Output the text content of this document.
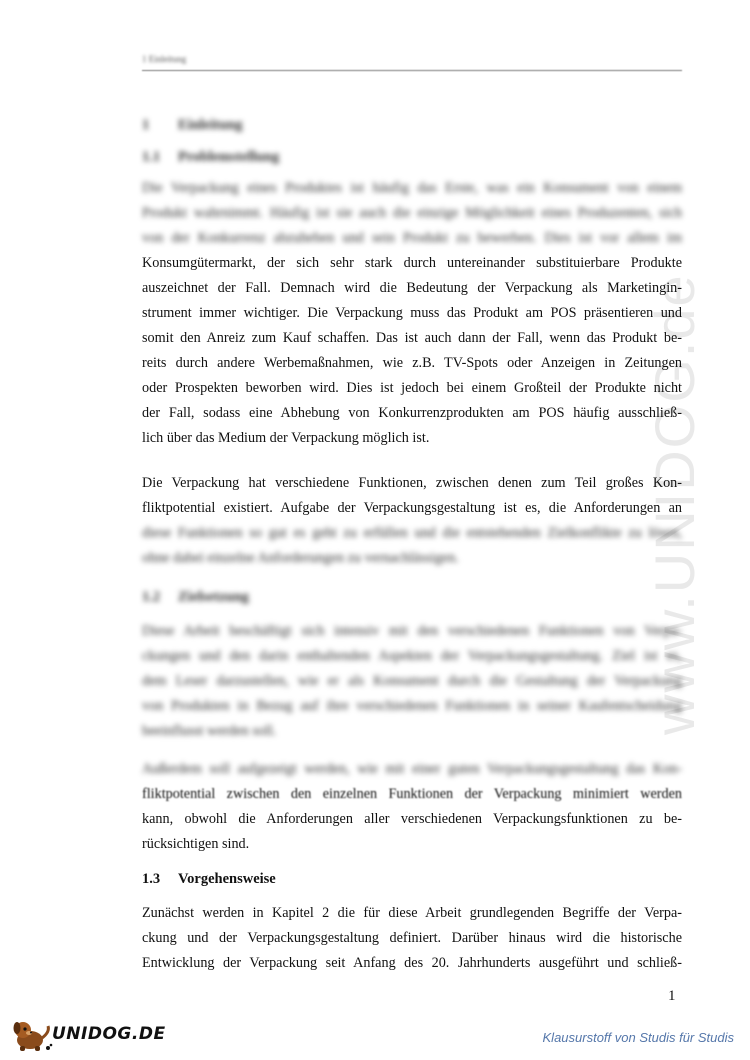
1 Einleitung
www.UNIDOG.de
1 Einleitung
1.1 Problemstellung
Die Verpackung eines Produktes ist häufig das Erste, was ein Konsument von einem
Produkt wahrnimmt. Häufig ist sie auch die einzige Möglichkeit eines Produzenten, sich
von der Konkurrenz abzuheben und sein Produkt zu bewerben. Dies ist vor allem im
Konsumgütermarkt, der sich sehr stark durch untereinander substituierbare Produkte
auszeichnet der Fall. Demnach wird die Bedeutung der Verpackung als Marketingin-
strument immer wichtiger. Die Verpackung muss das Produkt am POS präsentieren und
somit den Anreiz zum Kauf schaffen. Das ist auch dann der Fall, wenn das Produkt be-
reits durch andere Werbemaßnahmen, wie z.B. TV-Spots oder Anzeigen in Zeitungen
oder Prospekten beworben wird. Dies ist jedoch bei einem Großteil der Produkte nicht
der Fall, sodass eine Abhebung von Konkurrenzprodukten am POS häufig ausschließ-
lich über das Medium der Verpackung möglich ist.
Die Verpackung hat verschiedene Funktionen, zwischen denen zum Teil großes Kon-
fliktpotential existiert. Aufgabe der Verpackungsgestaltung ist es, die Anforderungen an
diese Funktionen so gut es geht zu erfüllen und die entstehenden Zielkonflikte zu lösen,
ohne dabei einzelne Anforderungen zu vernachlässigen.
1.2 Zielsetzung
Diese Arbeit beschäftigt sich intensiv mit den verschiedenen Funktionen von Verpa-
ckungen und den darin enthaltenden Aspekten der Verpackungsgestaltung. Ziel ist es,
dem Leser darzustellen, wie er als Konsument durch die Gestaltung der Verpackung
von Produkten in Bezug auf ihre verschiedenen Funktionen in seiner Kaufentscheidung
beeinflusst werden soll.
Außerdem soll aufgezeigt werden, wie mit einer guten Verpackungsgestaltung das Kon-
fliktpotential zwischen den einzelnen Funktionen der Verpackung minimiert werden
kann, obwohl die Anforderungen aller verschiedenen Verpackungsfunktionen zu be-
rücksichtigen sind.
1.3 Vorgehensweise
Zunächst werden in Kapitel 2 die für diese Arbeit grundlegenden Begriffe der Verpa-
ckung und der Verpackungsgestaltung definiert. Darüber hinaus wird die historische
Entwicklung der Verpackung seit Anfang des 20. Jahrhunderts ausgeführt und schließ-
1
UNIDOG.DE	Klausurstoff von Studis für Studis
